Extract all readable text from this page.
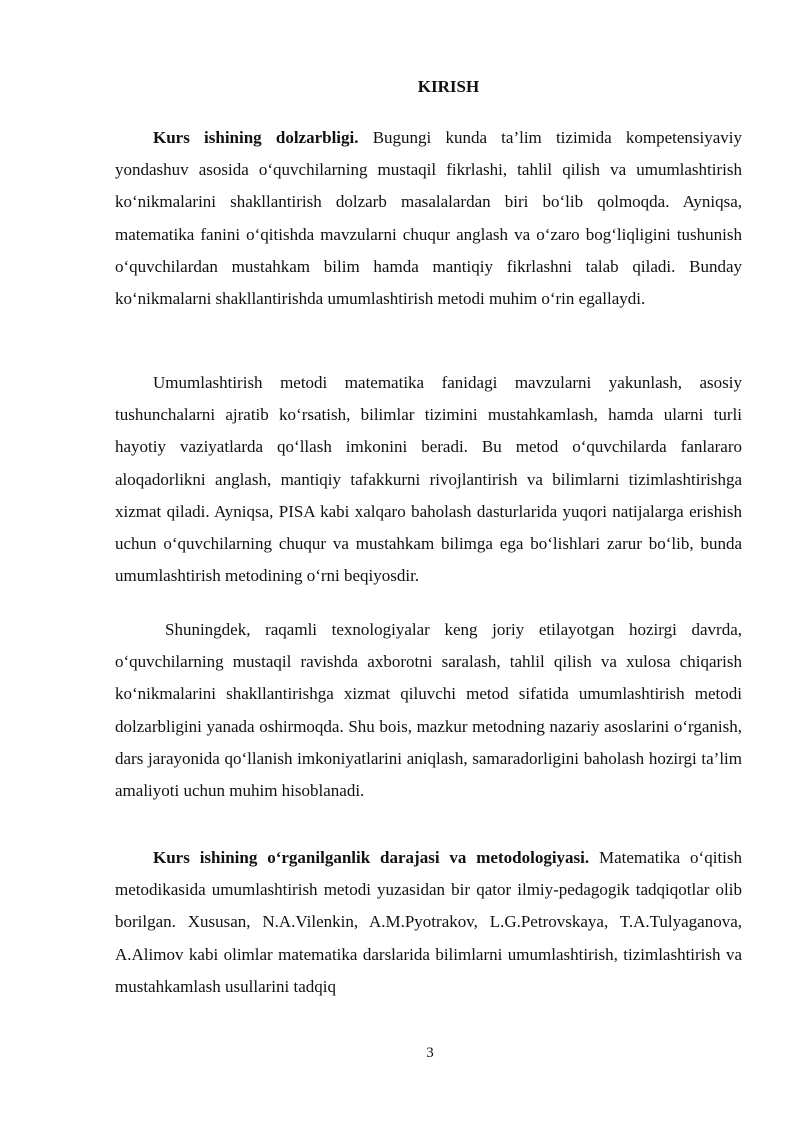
KIRISH

Kurs ishining dolzarbligi. Bugungi kunda ta’lim tizimida kompetensiyaviy yondashuv asosida o‘quvchilarning mustaqil fikrlashi, tahlil qilish va umumlashtirish ko‘nikmalarini shakllantirish dolzarb masalalardan biri bo‘lib qolmoqda. Ayniqsa, matematika fanini o‘qitishda mavzularni chuqur anglash va o‘zaro bog‘liqligini tushunish o‘quvchilardan mustahkam bilim hamda mantiqiy fikrlashni talab qiladi. Bunday ko‘nikmalarni shakllantirishda umumlashtirish metodi muhim o‘rin egallaydi.

Umumlashtirish metodi matematika fanidagi mavzularni yakunlash, asosiy tushunchalarni ajratib ko‘rsatish, bilimlar tizimini mustahkamlash, hamda ularni turli hayotiy vaziyatlarda qo‘llash imkonini beradi. Bu metod o‘quvchilarda fanlararo aloqadorlikni anglash, mantiqiy tafakkurni rivojlantirish va bilimlarni tizimlashtirishga xizmat qiladi. Ayniqsa, PISA kabi xalqaro baholash dasturlarida yuqori natijalarga erishish uchun o‘quvchilarning chuqur va mustahkam bilimga ega bo‘lishlari zarur bo‘lib, bunda umumlashtirish metodining o‘rni beqiyosdir.

Shuningdek, raqamli texnologiyalar keng joriy etilayotgan hozirgi davrda, o‘quvchilarning mustaqil ravishda axborotni saralash, tahlil qilish va xulosa chiqarish ko‘nikmalarini shakllantirishga xizmat qiluvchi metod sifatida umumlashtirish metodi dolzarbligini yanada oshirmoqda. Shu bois, mazkur metodning nazariy asoslarini o‘rganish, dars jarayonida qo‘llanish imkoniyatlarini aniqlash, samaradorligini baholash hozirgi ta’lim amaliyoti uchun muhim hisoblanadi.

Kurs ishining o‘rganilganlik darajasi va metodologiyasi. Matematika o‘qitish metodikasida umumlashtirish metodi yuzasidan bir qator ilmiy-pedagogik tadqiqotlar olib borilgan. Xususan, N.A.Vilenkin, A.M.Pyotrakov, L.G.Petrovskaya, T.A.Tulyaganova, A.Alimov kabi olimlar matematika darslarida bilimlarni umumlashtirish, tizimlashtirish va mustahkamlash usullarini tadqiq

3
